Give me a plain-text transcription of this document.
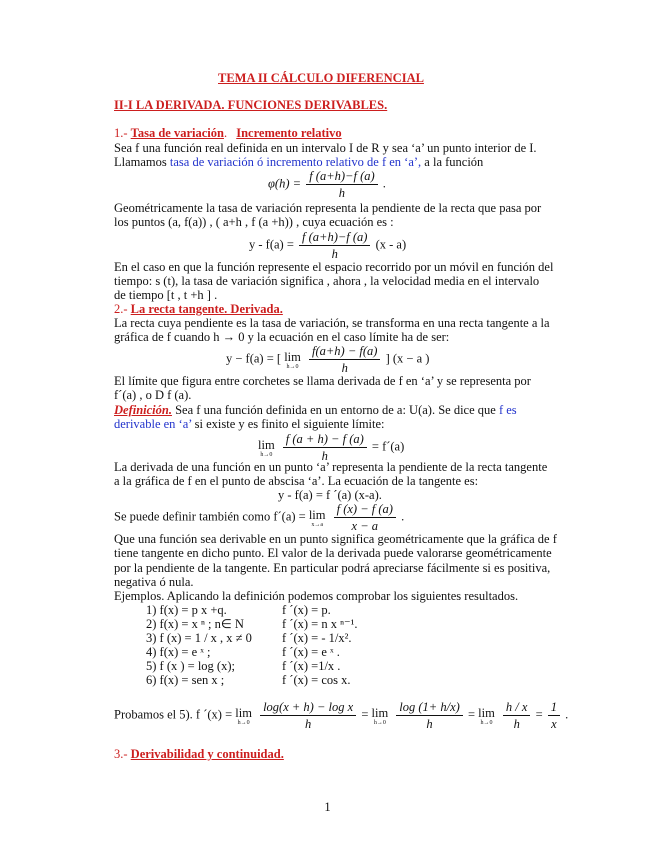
TEMA II CÁLCULO DIFERENCIAL
II-I LA DERIVADA. FUNCIONES DERIVABLES.
1.- Tasa de variación. Incremento relativo
Sea f una función real definida en un intervalo I de R y sea ‘a’ un punto interior de I.
Llamamos tasa de variación ó incremento relativo de f en ‘a’, a la función
$\varphi(h) = \frac{f (a+h)-f (a)}{h}$ .
Geométricamente la tasa de variación representa la pendiente de la recta que pasa por
los puntos (a, f(a)) , ( a+h , f (a +h)) , cuya ecuación es :
$y - f(a) = \frac{f (a+h)-f (a)}{h} (x - a)$
En el caso en que la función represente el espacio recorrido por un móvil en función del
tiempo: s (t), la tasa de variación significa , ahora , la velocidad media en el intervalo
de tiempo [t , t +h ] .
2.- La recta tangente. Derivada.
La recta cuya pendiente es la tasa de variación, se transforma en una recta tangente a la
gráfica de f cuando h → 0 y la ecuación en el caso límite ha de ser:
y − f(a) = [ lim
h→0
$\frac{f(a+h) - f(a)}{h}$ ] (x − a )
El límite que figura entre corchetes se llama derivada de f en ‘a’ y se representa por
f´(a) , o D f (a).
Definición. Sea f una función definida en un entorno de a: U(a). Se dice que f es
derivable en ‘a’ si existe y es finito el siguiente límite:
lim
h→0
$\frac{f (a + h) - f (a)}{h}$ = f´(a)
La derivada de una función en un punto ‘a’ representa la pendiente de la recta tangente
a la gráfica de f en el punto de abscisa ‘a’. La ecuación de la tangente es:
y - f(a) = f ´(a) (x-a).
Se puede definir también como f´(a) = lim
x→a
$\frac{f (x) - f (a)}{x - a}$ .
Que una función sea derivable en un punto significa geométricamente que la gráfica de f
tiene tangente en dicho punto. El valor de la derivada puede valorarse geométricamente
por la pendiente de la tangente. En particular podrá apreciarse fácilmente si es positiva,
negativa ó nula.
Ejemplos. Aplicando la definición podemos comprobar los siguientes resultados.
1) f(x) = p x +q.	f ´(x) = p.
2) f(x) = x ⁿ ; n∈ N	f ´(x) = n x ⁿ⁻¹.
3) f (x) = 1 / x , x ≠ 0 f ´(x) = - 1/x².
4) f(x) = e ˣ ;	f ´(x) = e ˣ .
5) f (x ) = log (x);	f ´(x) =1/x .
6) f(x) = sen x ;	f ´(x) = cos x.
Probamos el 5). f ´(x) = lim
h→0
$\frac{\text{log(x + h) − log x}}{h} = \lim$
h→0
$\frac{\log (1+ h/x)}{h} = \lim$
h→0
$\frac{h / x}{h} = \frac{1}{x}$ .
3.- Derivabilidad y continuidad.
1
